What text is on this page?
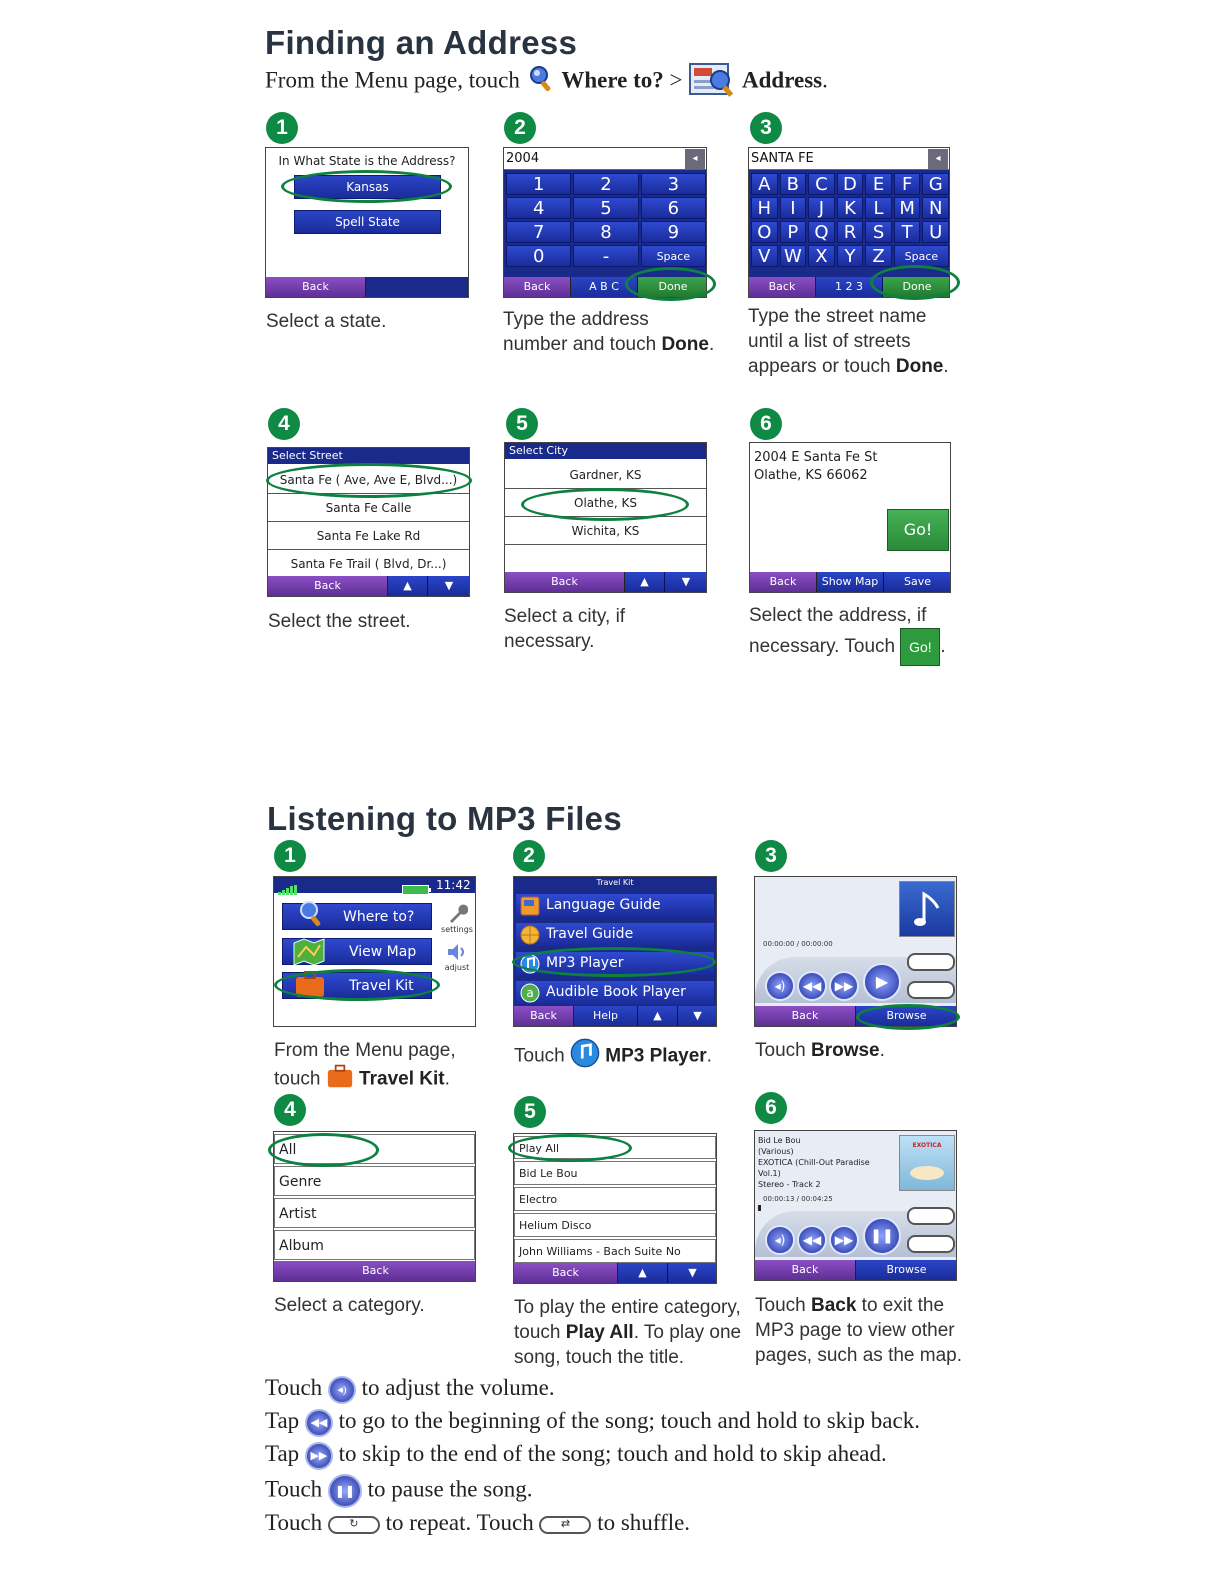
Finding an Address
From the Menu page, touch Where to? >	Address.
1	2	3
In What State is the Address?
Kansas
Spell State
Back
Select a state.
2004	◂
1	2	3
4	5	6
7	8	9
0	-	Space
Back	A B C	Done
Type the address
number and touch Done.
SANTA FE	◂
A B C D E F G
H	I	J	K L M N
O P Q R S T U
V W X Y Z	Space
Back	1 2 3	Done
Type the street name
until a list of streets
appears or touch Done.
4	5	6
Select Street
Santa Fe ( Ave, Ave E, Blvd...)
Santa Fe Calle
Santa Fe Lake Rd
Santa Fe Trail ( Blvd, Dr...)
Back	▲	▼
Select the street.
Select City
Gardner, KS
Olathe, KS
Wichita, KS
Back	▲	▼
Select a city, if
necessary.
2004 E Santa Fe St
Olathe, KS 66062
Go!
Back	Show Map	Save
Select the address, if
necessary. Touch Go! .
Listening to MP3 Files
1	2	3
11:42
Where to?
View Map
Travel Kit
settings
adjust
From the Menu page,
touch  Travel Kit.
Travel Kit
Language Guide
Travel Guide
MP3 Player
Audible Book Player
a
Back	Help	▲	▼
Touch  MP3 Player.
00:00:00 / 00:00:00
◂)	◀◀	▶▶	▶
Back	Browse
Touch Browse.
4	5	6
All
Genre
Artist
Album
Back
Select a category.
Play All
Bid Le Bou
Electro
Helium Disco
John Williams - Bach Suite No
Back	▲	▼
To play the entire category,
touch Play All. To play one
song, touch the title.
Bid Le Bou
(Various)
EXOTICA (Chill-Out Paradise
Vol.1)
Stereo - Track 2
00:00:13 / 00:04:25
EXOTICA
◂)	◀◀	▶▶	❚❚
Back	Browse
Touch Back to exit the
MP3 page to view other
pages, such as the map.
Touch ◂) to adjust the volume.
Tap ◀◀ to go to the beginning of the song; touch and hold to skip back.
Tap ▶▶ to skip to the end of the song; touch and hold to skip ahead.
Touch ❚❚ to pause the song.
Touch ↻ to repeat. Touch ⇄ to shuffle.
